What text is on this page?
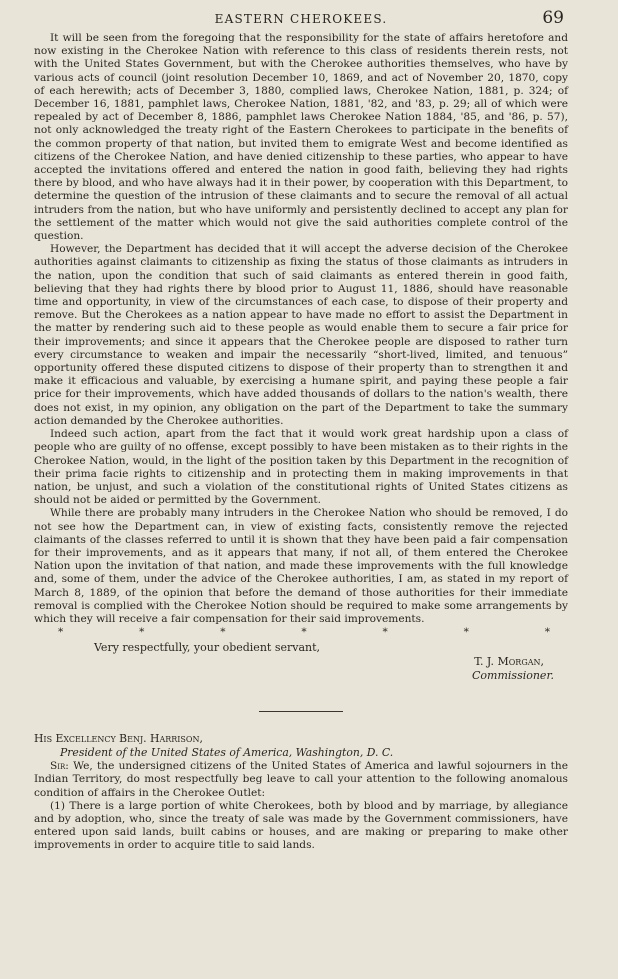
EASTERN CHEROKEES.	69

It will be seen from the foregoing that the responsibility for the state of affairs heretofore and now existing in the Cherokee Nation with reference to this class of residents therein rests, not with the United States Government, but with the Cherokee authorities themselves, who have by various acts of council (joint resolution December 10, 1869, and act of November 20, 1870, copy of each herewith; acts of December 3, 1880, complied laws, Cherokee Nation, 1881, p. 324; of December 16, 1881, pamphlet laws, Cherokee Nation, 1881, '82, and '83, p. 29; all of which were repealed by act of December 8, 1886, pamphlet laws Cherokee Nation 1884, '85, and '86, p. 57), not only acknowledged the treaty right of the Eastern Cherokees to participate in the benefits of the common property of that nation, but invited them to emigrate West and become identified as citizens of the Cherokee Nation, and have denied citizenship to these parties, who appear to have accepted the invitations offered and entered the nation in good faith, believing they had rights there by blood, and who have always had it in their power, by cooperation with this Department, to determine the question of the intrusion of these claimants and to secure the removal of all actual intruders from the nation, but who have uniformly and persistently declined to accept any plan for the settlement of the matter which would not give the said authorities complete control of the question.

However, the Department has decided that it will accept the adverse decision of the Cherokee authorities against claimants to citizenship as fixing the status of those claimants as intruders in the nation, upon the condition that such of said claimants as entered therein in good faith, believing that they had rights there by blood prior to August 11, 1886, should have reasonable time and opportunity, in view of the circumstances of each case, to dispose of their property and remove. But the Cherokees as a nation appear to have made no effort to assist the Department in the matter by rendering such aid to these people as would enable them to secure a fair price for their improvements; and since it appears that the Cherokee people are disposed to rather turn every circumstance to weaken and impair the necessarily “short-lived, limited, and tenuous” opportunity offered these disputed citizens to dispose of their property than to strengthen it and make it efficacious and valuable, by exercising a humane spirit, and paying these people a fair price for their improvements, which have added thousands of dollars to the nation's wealth, there does not exist, in my opinion, any obligation on the part of the Department to take the summary action demanded by the Cherokee authorities.

Indeed such action, apart from the fact that it would work great hardship upon a class of people who are guilty of no offense, except possibly to have been mistaken as to their rights in the Cherokee Nation, would, in the light of the position taken by this Department in the recognition of their prima facie rights to citizenship and in protecting them in making improvements in that nation, be unjust, and such a violation of the constitutional rights of United States citizens as should not be aided or permitted by the Government.

While there are probably many intruders in the Cherokee Nation who should be removed, I do not see how the Department can, in view of existing facts, consistently remove the rejected claimants of the classes referred to until it is shown that they have been paid a fair compensation for their improvements, and as it appears that many, if not all, of them entered the Cherokee Nation upon the invitation of that nation, and made these improvements with the full knowledge and, some of them, under the advice of the Cherokee authorities, I am, as stated in my report of March 8, 1889, of the opinion that before the demand of those authorities for their immediate removal is complied with the Cherokee Notion should be required to make some arrangements by which they will receive a fair compensation for their said improvements.

*	*	*	*	*	*	*
Very respectfully, your obedient servant,
T. J. Morgan,
Commissioner.
His Excellency Benj. Harrison,
President of the United States of America, Washington, D. C.

Sir: We, the undersigned citizens of the United States of America and lawful sojourners in the Indian Territory, do most respectfully beg leave to call your attention to the following anomalous condition of affairs in the Cherokee Outlet:

(1) There is a large portion of white Cherokees, both by blood and by marriage, by allegiance and by adoption, who, since the treaty of sale was made by the Government commissioners, have entered upon said lands, built cabins or houses, and are making or preparing to make other improvements in order to acquire title to said lands.
